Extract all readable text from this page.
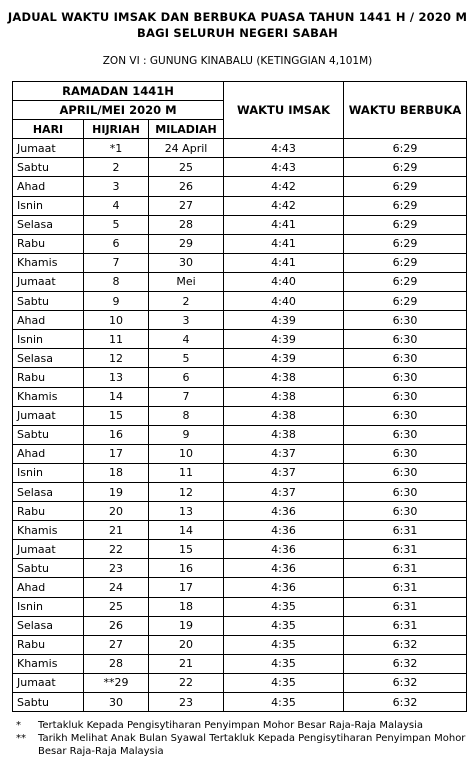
JADUAL WAKTU IMSAK DAN BERBUKA PUASA TAHUN 1441 H / 2020 M

BAGI SELURUH NEGERI SABAH

ZON VI : GUNUNG KINABALU (KETINGGIAN 4,101M)

RAMADAN 1441H			WAKTU IMSAK	WAKTU BERBUKA
APRIL/MEI 2020 M				
HARI	HIJRIAH	MILADIAH		
Jumaat	*1	24 April	4:43	6:29
Sabtu	2	25	4:43	6:29
Ahad	3	26	4:42	6:29
Isnin	4	27	4:42	6:29
Selasa	5	28	4:41	6:29
Rabu	6	29	4:41	6:29
Khamis	7	30	4:41	6:29
Jumaat	8	Mei	4:40	6:29
Sabtu	9	2	4:40	6:29
Ahad	10	3	4:39	6:30
Isnin	11	4	4:39	6:30
Selasa	12	5	4:39	6:30
Rabu	13	6	4:38	6:30
Khamis	14	7	4:38	6:30
Jumaat	15	8	4:38	6:30
Sabtu	16	9	4:38	6:30
Ahad	17	10	4:37	6:30
Isnin	18	11	4:37	6:30
Selasa	19	12	4:37	6:30
Rabu	20	13	4:36	6:30
Khamis	21	14	4:36	6:31
Jumaat	22	15	4:36	6:31
Sabtu	23	16	4:36	6:31
Ahad	24	17	4:36	6:31
Isnin	25	18	4:35	6:31
Selasa	26	19	4:35	6:31
Rabu	27	20	4:35	6:32
Khamis	28	21	4:35	6:32
Jumaat	**29	22	4:35	6:32
Sabtu	30	23	4:35	6:32
*	Tertakluk Kepada Pengisytiharan Penyimpan Mohor Besar Raja-Raja Malaysia
**	Tarikh Melihat Anak Bulan Syawal Tertakluk Kepada Pengisytiharan Penyimpan Mohor Besar Raja-Raja Malaysia
